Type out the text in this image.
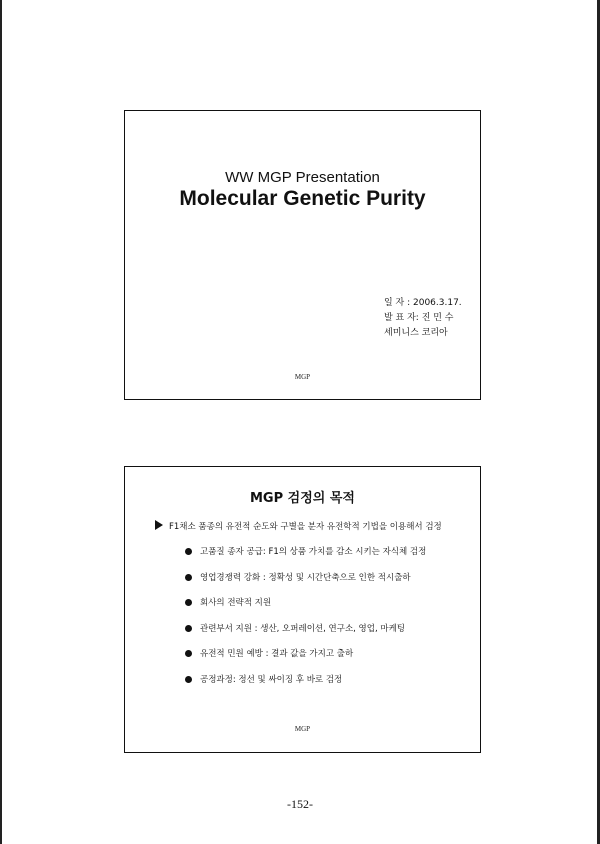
WW MGP Presentation
Molecular Genetic Purity
일 자 : 2006.3.17.
발 표 자: 진 민 수
세미니스 코리아
MGP
MGP 검정의 목적
F1채소 품종의 유전적 순도와 구별을 분자 유전학적 기법을 이용해서 검정
고품질 종자 공급: F1의 상품 가치를 감소 시키는 자식체 검정
영업경쟁력 강화 : 정확성 및 시간단축으로 인한 적시출하
회사의 전략적 지원
관련부서 지원 : 생산, 오퍼레이션, 연구소, 영업, 마케팅
유전적 민원 예방 : 결과 값을 가지고 출하
공정과정: 정선 및 싸이징 후 바로 검정
MGP
-152-
